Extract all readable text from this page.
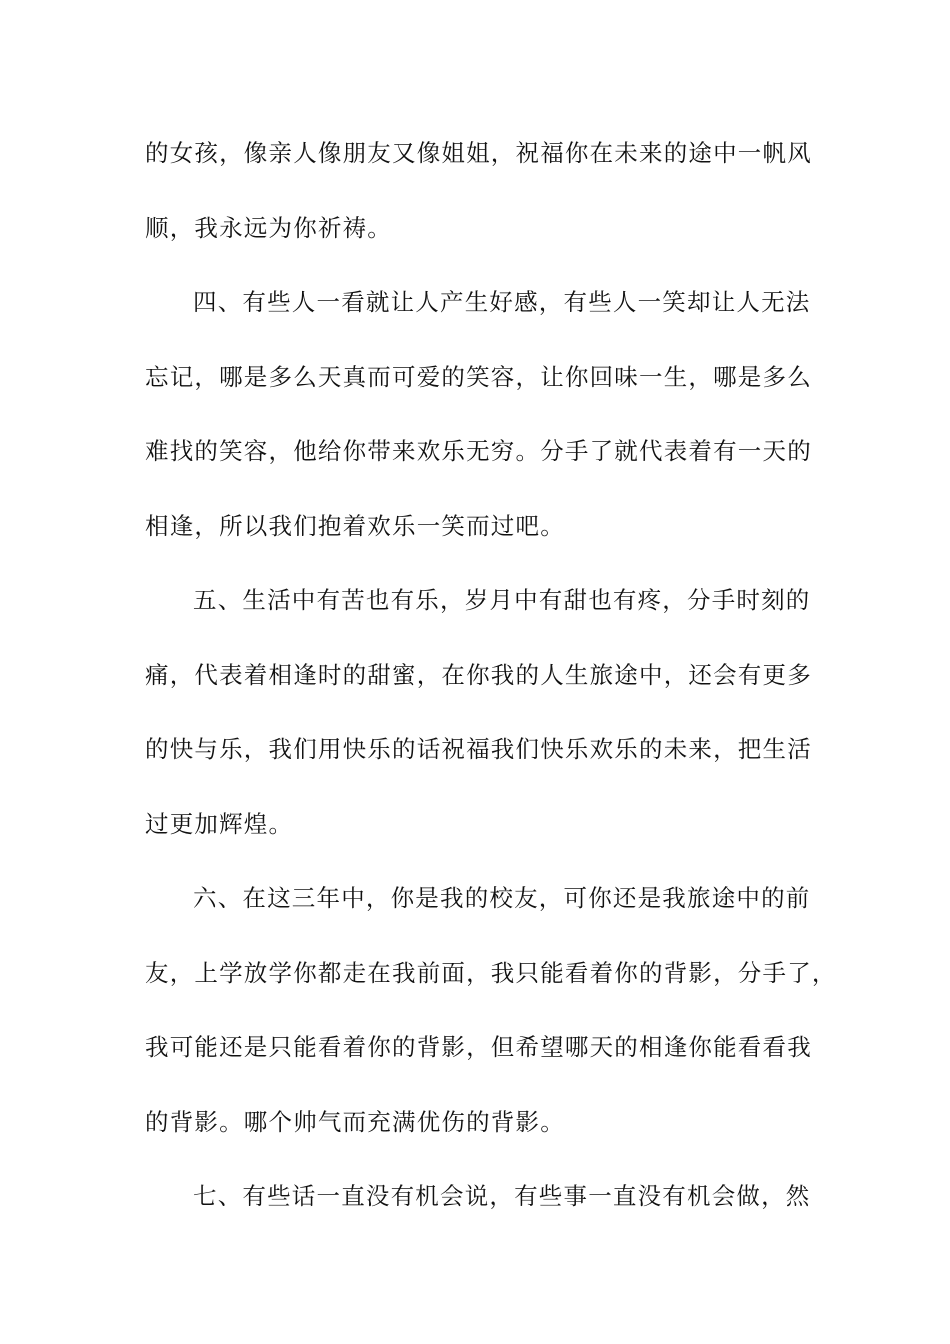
的女孩，像亲人像朋友又像姐姐，祝福你在未来的途中一帆风
顺，我永远为你祈祷。
四、有些人一看就让人产生好感，有些人一笑却让人无法
忘记，哪是多么天真而可爱的笑容，让你回味一生，哪是多么
难找的笑容，他给你带来欢乐无穷。分手了就代表着有一天的
相逢，所以我们抱着欢乐一笑而过吧。
五、生活中有苦也有乐，岁月中有甜也有疼，分手时刻的
痛，代表着相逢时的甜蜜，在你我的人生旅途中，还会有更多
的快与乐，我们用快乐的话祝福我们快乐欢乐的未来，把生活
过更加辉煌。
六、在这三年中，你是我的校友，可你还是我旅途中的前
友，上学放学你都走在我前面，我只能看着你的背影，分手了，
我可能还是只能看着你的背影，但希望哪天的相逢你能看看我
的背影。哪个帅气而充满优伤的背影。
七、有些话一直没有机会说，有些事一直没有机会做，然
